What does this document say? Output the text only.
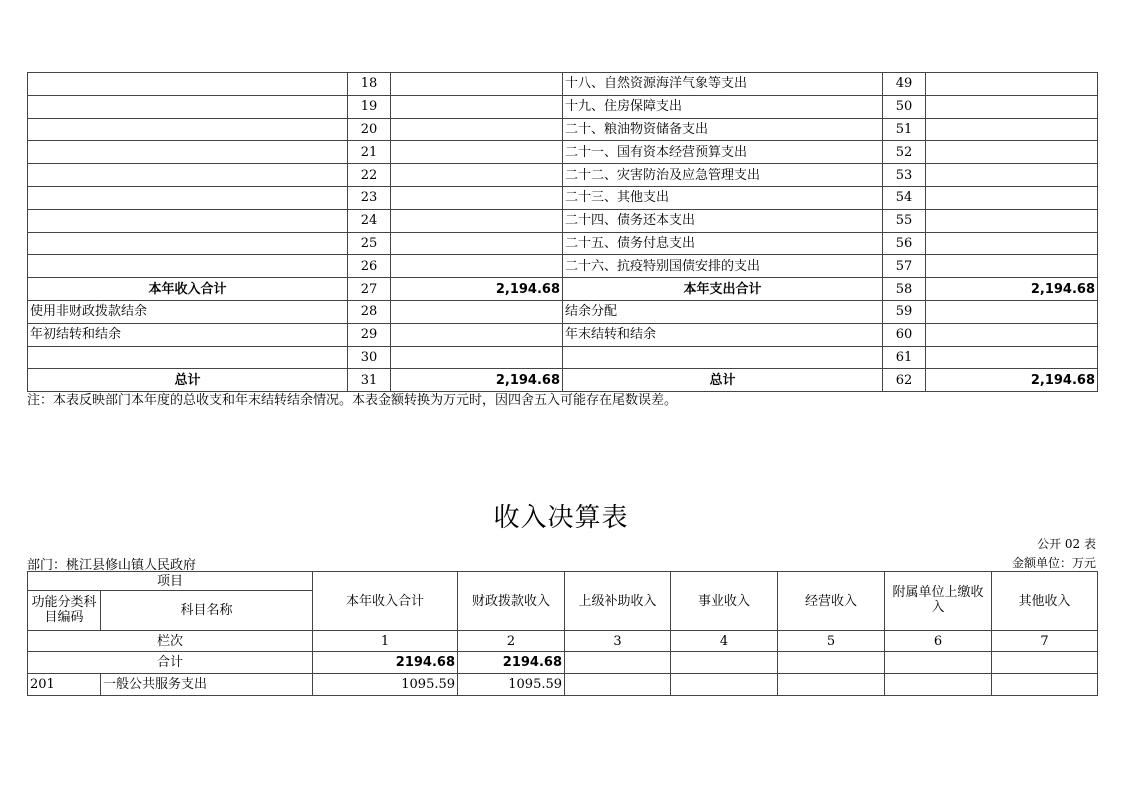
	18		十八、自然资源海洋气象等支出	49	
	19		十九、住房保障支出	50	
	20		二十、粮油物资储备支出	51	
	21		二十一、国有资本经营预算支出	52	
	22		二十二、灾害防治及应急管理支出	53	
	23		二十三、其他支出	54	
	24		二十四、债务还本支出	55	
	25		二十五、债务付息支出	56	
	26		二十六、抗疫特别国债安排的支出	57	
本年收入合计	27	2,194.68	本年支出合计	58	2,194.68
使用非财政拨款结余	28		结余分配	59	
年初结转和结余	29		年末结转和结余	60	
	30			61	
总计	31	2,194.68	总计	62	2,194.68
注：本表反映部门本年度的总收支和年末结转结余情况。本表金额转换为万元时，因四舍五入可能存在尾数误差。
收入决算表
公开 02 表
部门：桃江县修山镇人民政府	金额单位：万元
项目		本年收入合计	财政拨款收入	上级补助收入	事业收入	经营收入	附属单位上缴收入	其他收入
功能分类科目编码	科目名称							

栏次		1	2	3	4	5	6	7
合计		2194.68	2194.68					
201	一般公共服务支出	1095.59	1095.59					
